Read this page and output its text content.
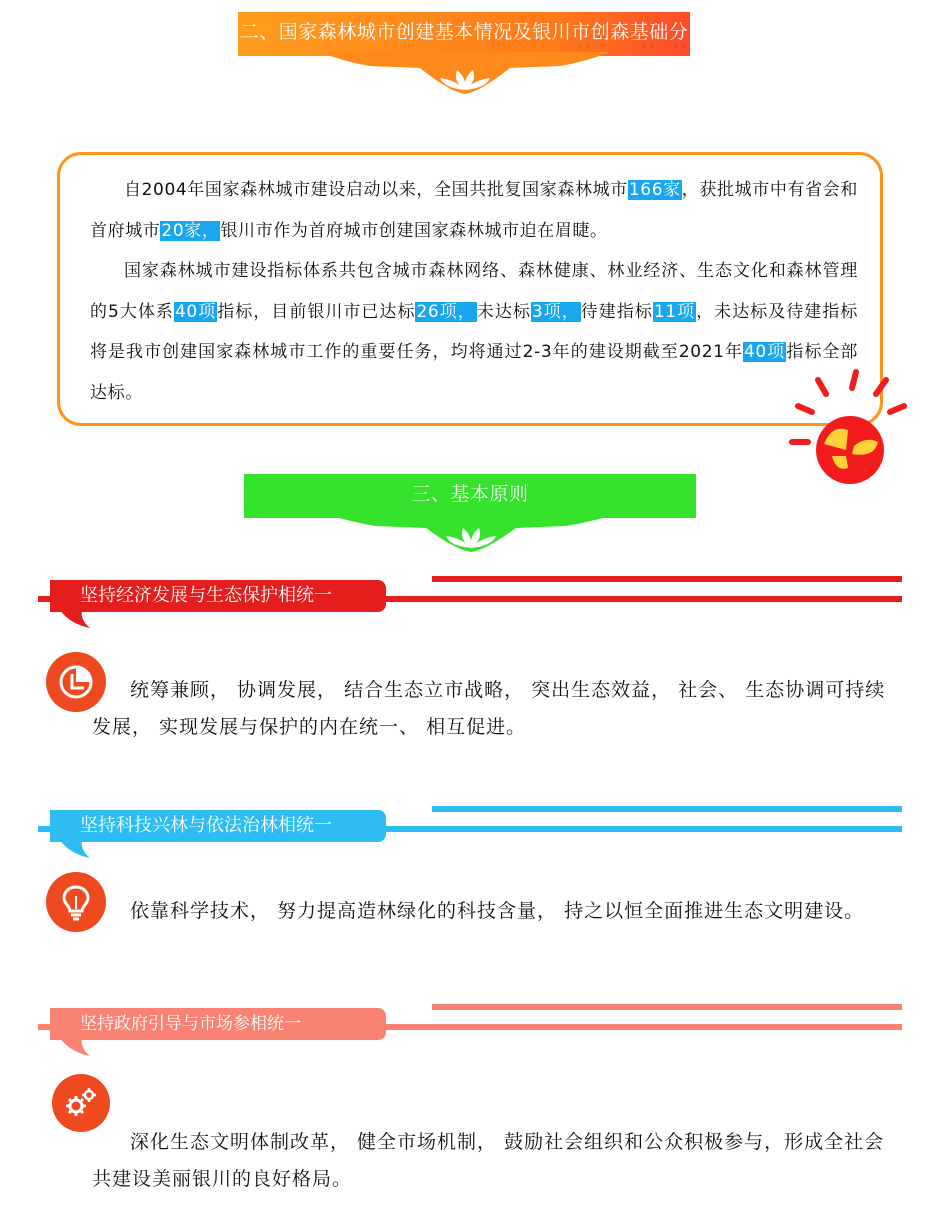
二、国家森林城市创建基本情况及银川市创森基础分

自2004年国家森林城市建设启动以来，全国共批复国家森林城市166家，获批城市中有省会和首府城市20家，银川市作为首府城市创建国家森林城市迫在眉睫。

国家森林城市建设指标体系共包含城市森林网络、森林健康、林业经济、生态文化和森林管理的5大体系40项指标，目前银川市已达标26项，未达标3项，待建指标11项，未达标及待建指标将是我市创建国家森林城市工作的重要任务，均将通过2-3年的建设期截至2021年40项指标全部达标。

三、基本原则
坚持经济发展与生态保护相统一

统筹兼顾， 协调发展， 结合生态立市战略， 突出生态效益， 社会、 生态协调可持续发展， 实现发展与保护的内在统一、 相互促进。

坚持科技兴林与依法治林相统一

依靠科学技术， 努力提高造林绿化的科技含量， 持之以恒全面推进生态文明建设。

坚持政府引导与市场参相统一

深化生态文明体制改革， 健全市场机制， 鼓励社会组织和公众积极参与，形成全社会共建设美丽银川的良好格局。
